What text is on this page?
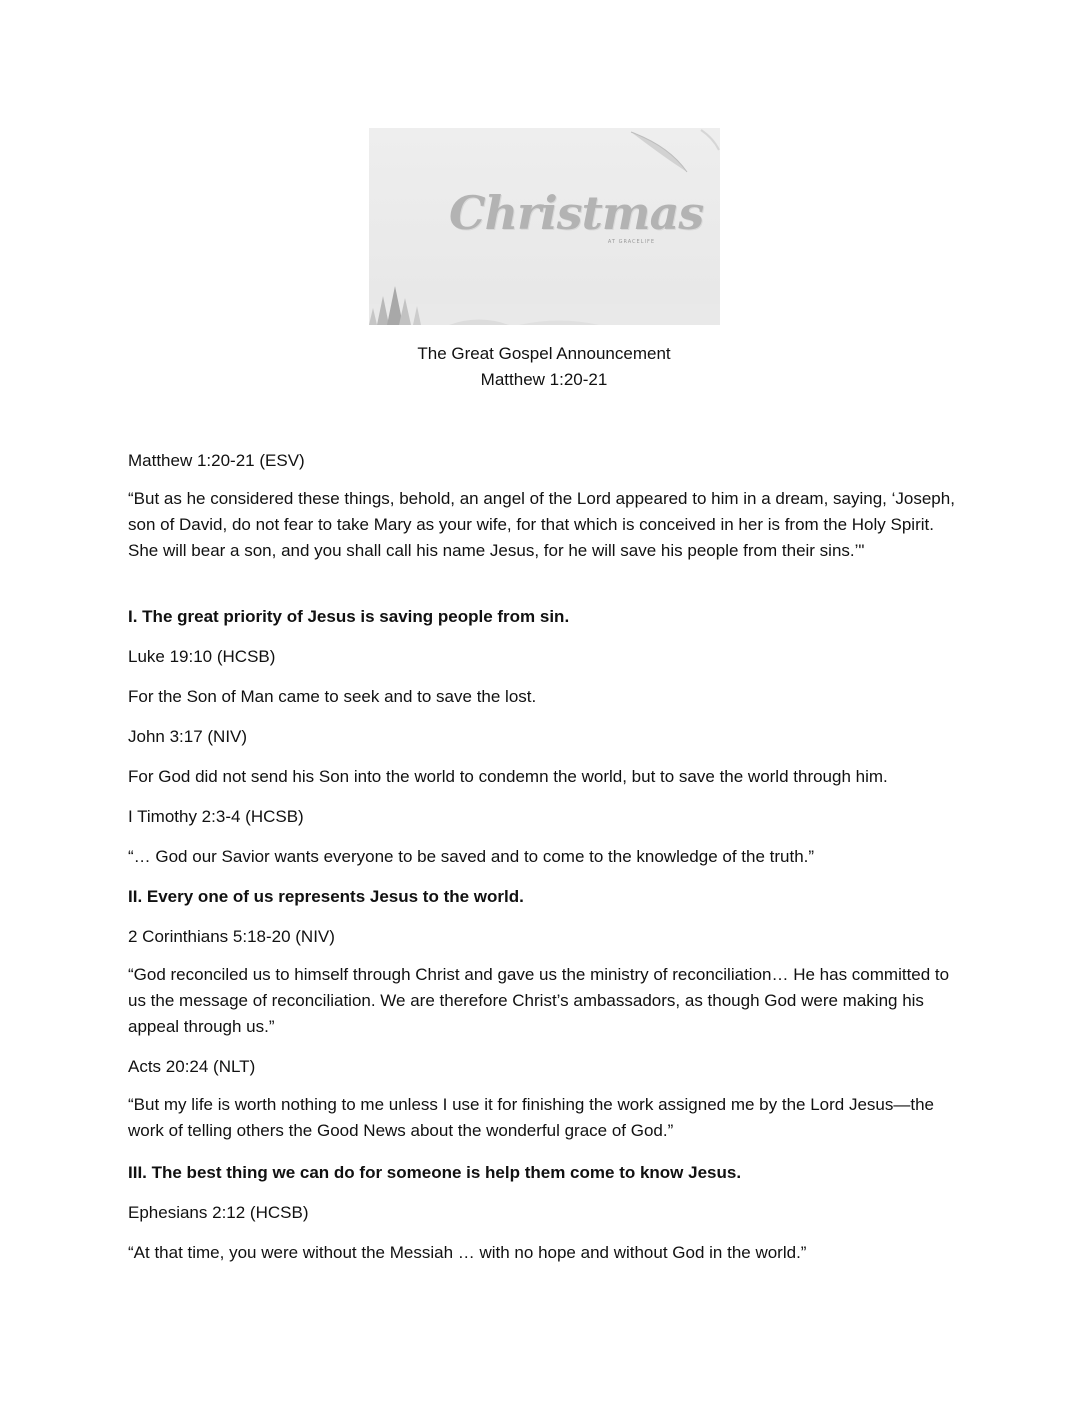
Christmas
AT GRACELIFE
The Great Gospel Announcement
Matthew 1:20-21

Matthew 1:20-21 (ESV)

“But as he considered these things, behold, an angel of the Lord appeared to him in a dream, saying, ‘Joseph, son of David, do not fear to take Mary as your wife, for that which is conceived in her is from the Holy Spirit. She will bear a son, and you shall call his name Jesus, for he will save his people from their sins.’"

I. The great priority of Jesus is saving people from sin.

Luke 19:10 (HCSB)

For the Son of Man came to seek and to save the lost.

John 3:17 (NIV)

For God did not send his Son into the world to condemn the world, but to save the world through him.

I Timothy 2:3-4 (HCSB)

“… God our Savior wants everyone to be saved and to come to the knowledge of the truth.”

II. Every one of us represents Jesus to the world.

2 Corinthians 5:18-20 (NIV)

“God reconciled us to himself through Christ and gave us the ministry of reconciliation… He has committed to us the message of reconciliation. We are therefore Christ’s ambassadors, as though God were making his appeal through us.”

Acts 20:24 (NLT)

“But my life is worth nothing to me unless I use it for finishing the work assigned me by the Lord Jesus—the work of telling others the Good News about the wonderful grace of God.”

III. The best thing we can do for someone is help them come to know Jesus.

Ephesians 2:12 (HCSB)

“At that time, you were without the Messiah … with no hope and without God in the world.”
